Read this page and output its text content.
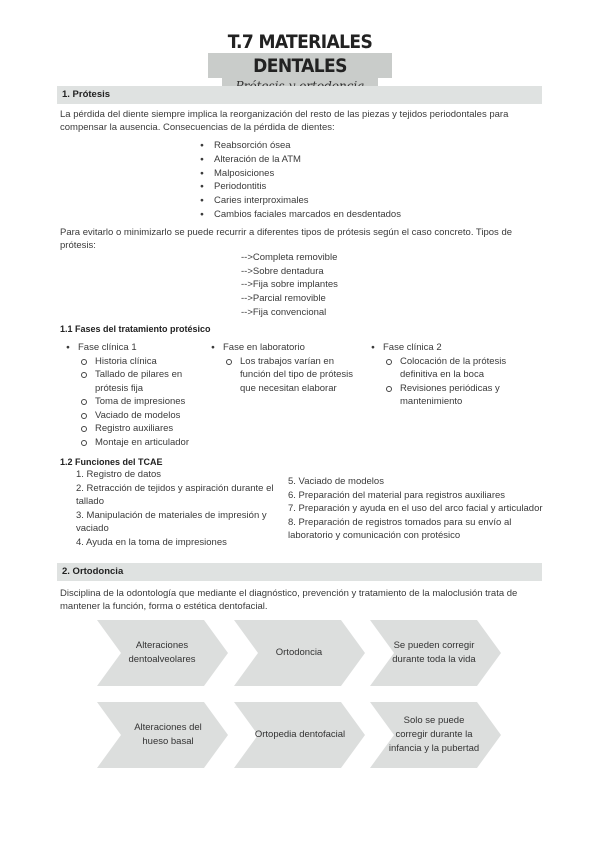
T.7 MATERIALES DENTALES
1. Prótesis
La pérdida del diente siempre implica la reorganización del resto de las piezas y tejidos periodontales para compensar la ausencia. Consecuencias de la pérdida de dientes:
● Reabsorción ósea
● Alteración de la ATM
● Malposiciones
● Periodontitis
● Caries interproximales
● Cambios faciales marcados en desdentados
Para evitarlo o minimizarlo se puede recurrir a diferentes tipos de prótesis según el caso concreto. Tipos de prótesis:
-->Completa removible
-->Sobre dentadura
-->Fija sobre implantes
-->Parcial removible
-->Fija convencional
1.1 Fases del tratamiento protésico
● Fase clínica 1
Historia clínica
Tallado de pilares en prótesis fija
Toma de impresiones
Vaciado de modelos
Registro auxiliares
Montaje en articulador
● Fase en laboratorio
Los trabajos varían en función del tipo de prótesis que necesitan elaborar
● Fase clínica 2
Colocación de la prótesis definitiva en la boca
Revisiones periódicas y mantenimiento
1.2 Funciones del TCAE
1. Registro de datos
2. Retracción de tejidos y aspiración durante el tallado
3. Manipulación de materiales de impresión y vaciado
4. Ayuda en la toma de impresiones
5. Vaciado de modelos
6. Preparación del material para registros auxiliares
7. Preparación y ayuda en el uso del arco facial y articulador
8. Preparación de registros tomados para su envío al laboratorio y comunicación con protésico
2. Ortodoncia
Disciplina de la odontología que mediante el diagnóstico, prevención y tratamiento de la maloclusión trata de mantener la función, forma o estética dentofacial.
Alteraciones dentoalveolares
Ortodoncia
Se pueden corregir durante toda la vida
Alteraciones del hueso basal
Ortopedia dentofacial
Solo se puede corregir durante la infancia y la pubertad
